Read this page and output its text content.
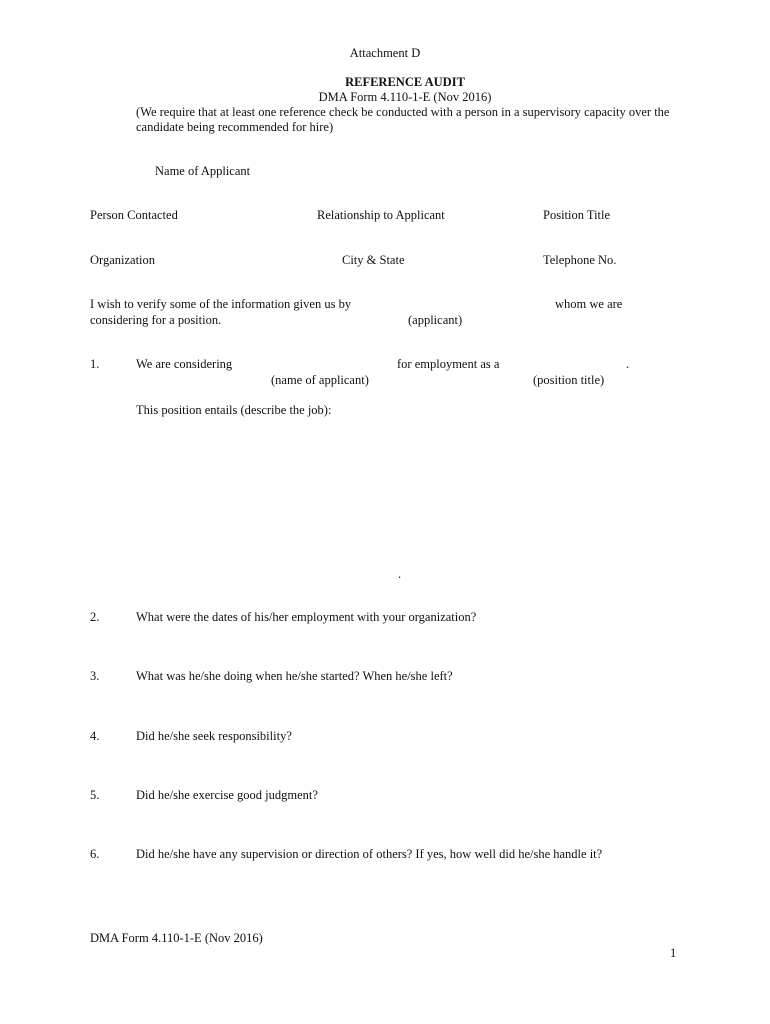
Attachment D
REFERENCE AUDIT
DMA Form 4.110-1-E (Nov 2016)
(We require that at least one reference check be conducted with a person in a supervisory capacity over the
candidate being recommended for hire)
Name of Applicant
Person Contacted	Relationship to Applicant	Position Title
Organization	City & State	Telephone No.
I wish to verify some of the information given us by	whom we are
considering for a position.	(applicant)
1.	We are considering	for employment as a	.
(name of applicant)	(position title)
This position entails (describe the job):
.
2.	What were the dates of his/her employment with your organization?
3.	What was he/she doing when he/she started? When he/she left?
4.	Did he/she seek responsibility?
5.	Did he/she exercise good judgment?
6.	Did he/she have any supervision or direction of others? If yes, how well did he/she handle it?
DMA Form 4.110-1-E (Nov 2016)
1
